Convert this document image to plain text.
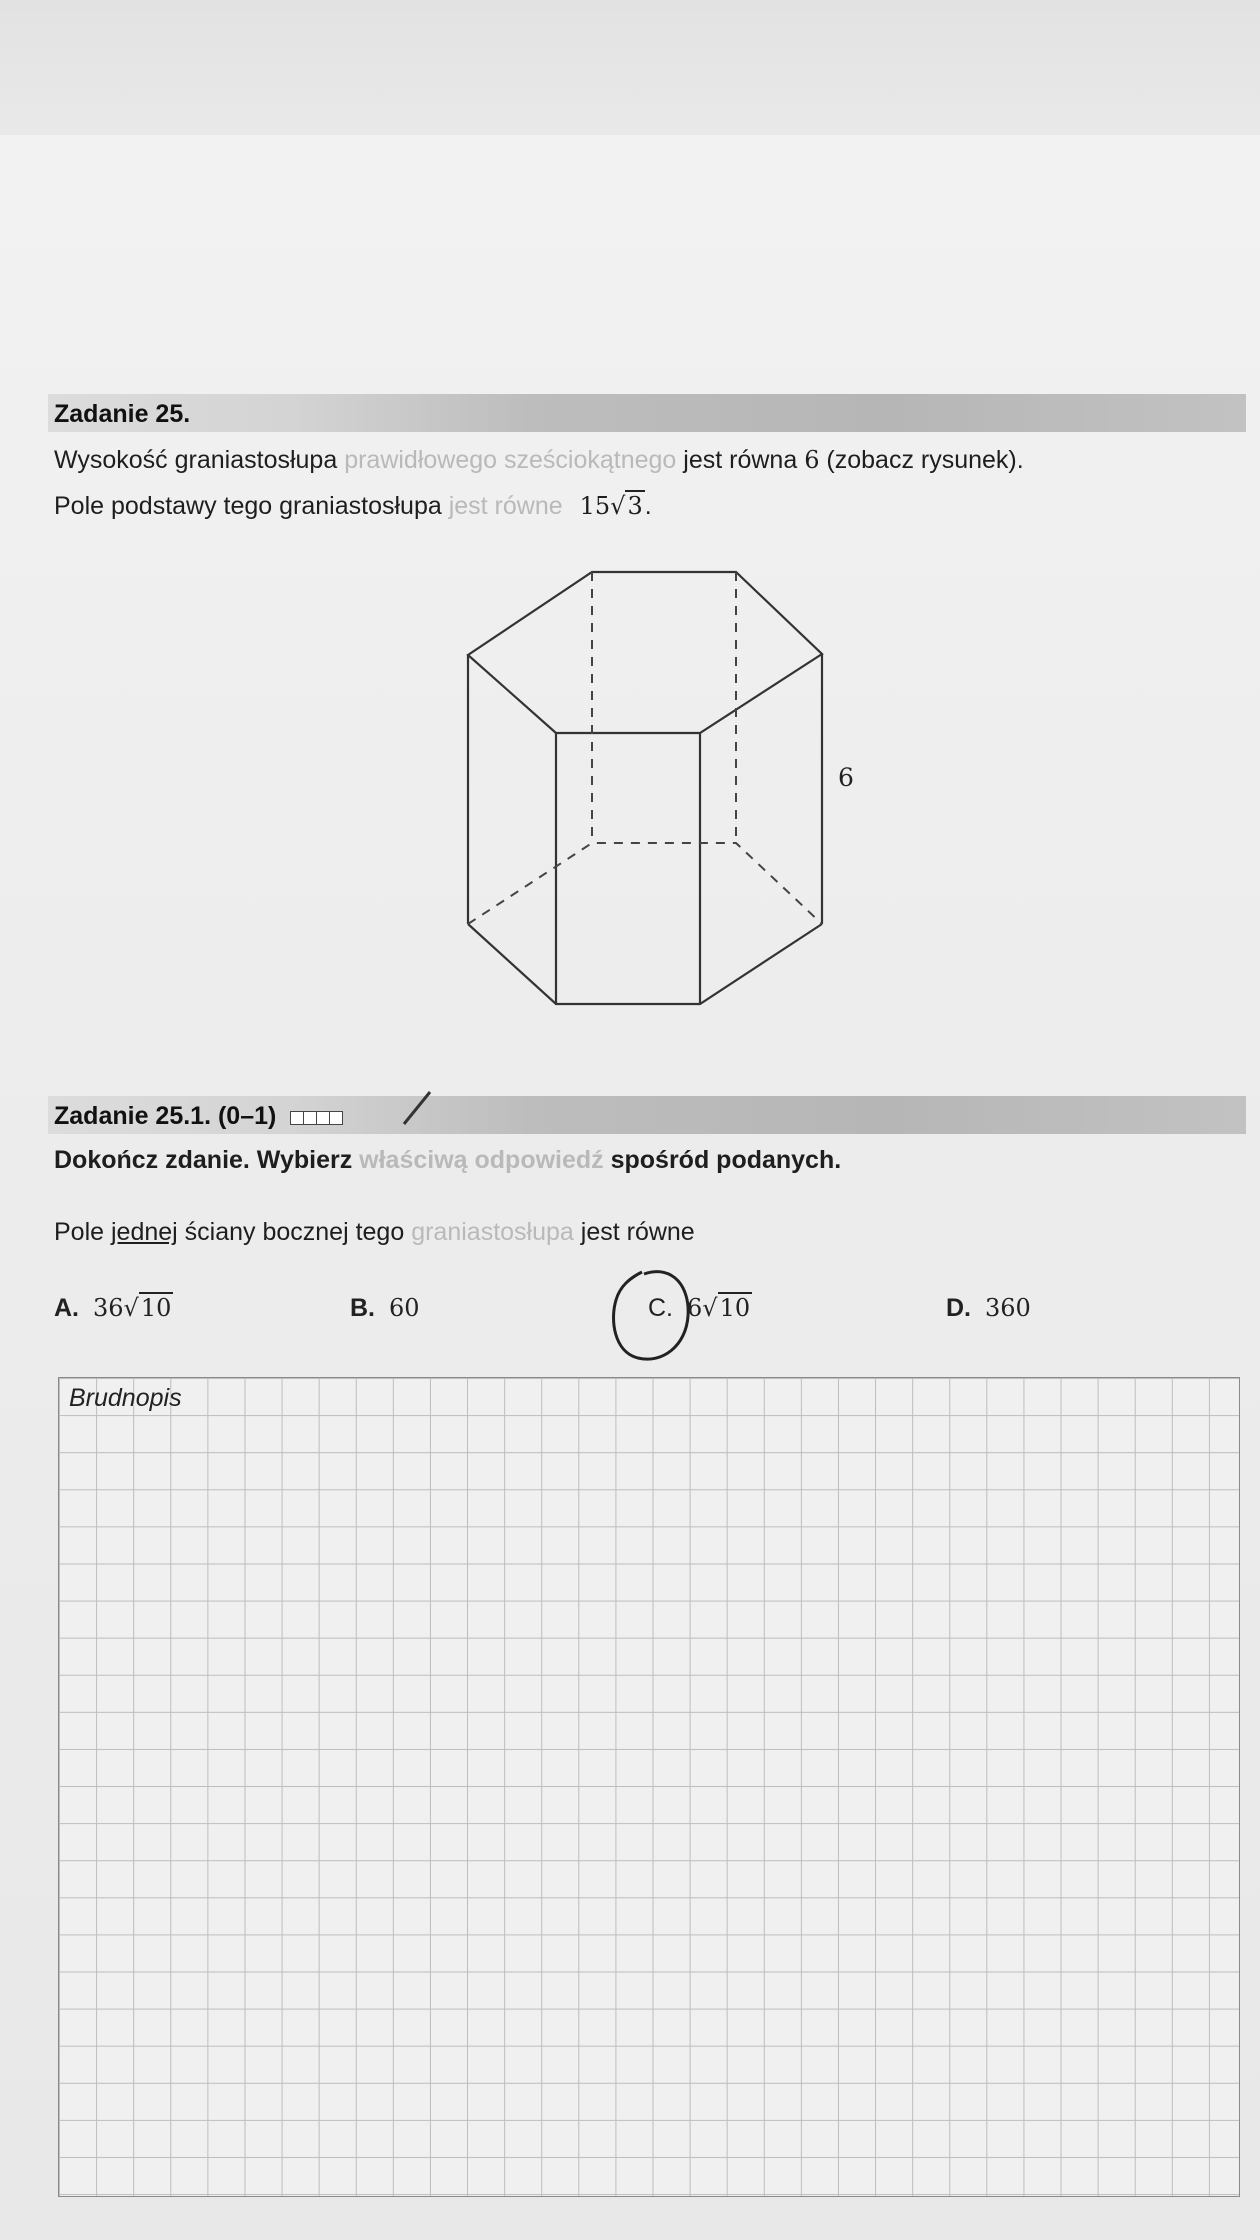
Zadanie 25.
Wysokość graniastosłupa prawidłowego sześciokątnego jest równa 6 (zobacz rysunek).
Pole podstawy tego graniastosłupa jest równe 15√3.
6
Zadanie 25.1. (0–1)
Dokończ zdanie. Wybierz właściwą odpowiedź spośród podanych.
Pole jednej ściany bocznej tego graniastosłupa jest równe
A. 36√10	B. 60	C. 6√10	D. 360
Brudnopis
